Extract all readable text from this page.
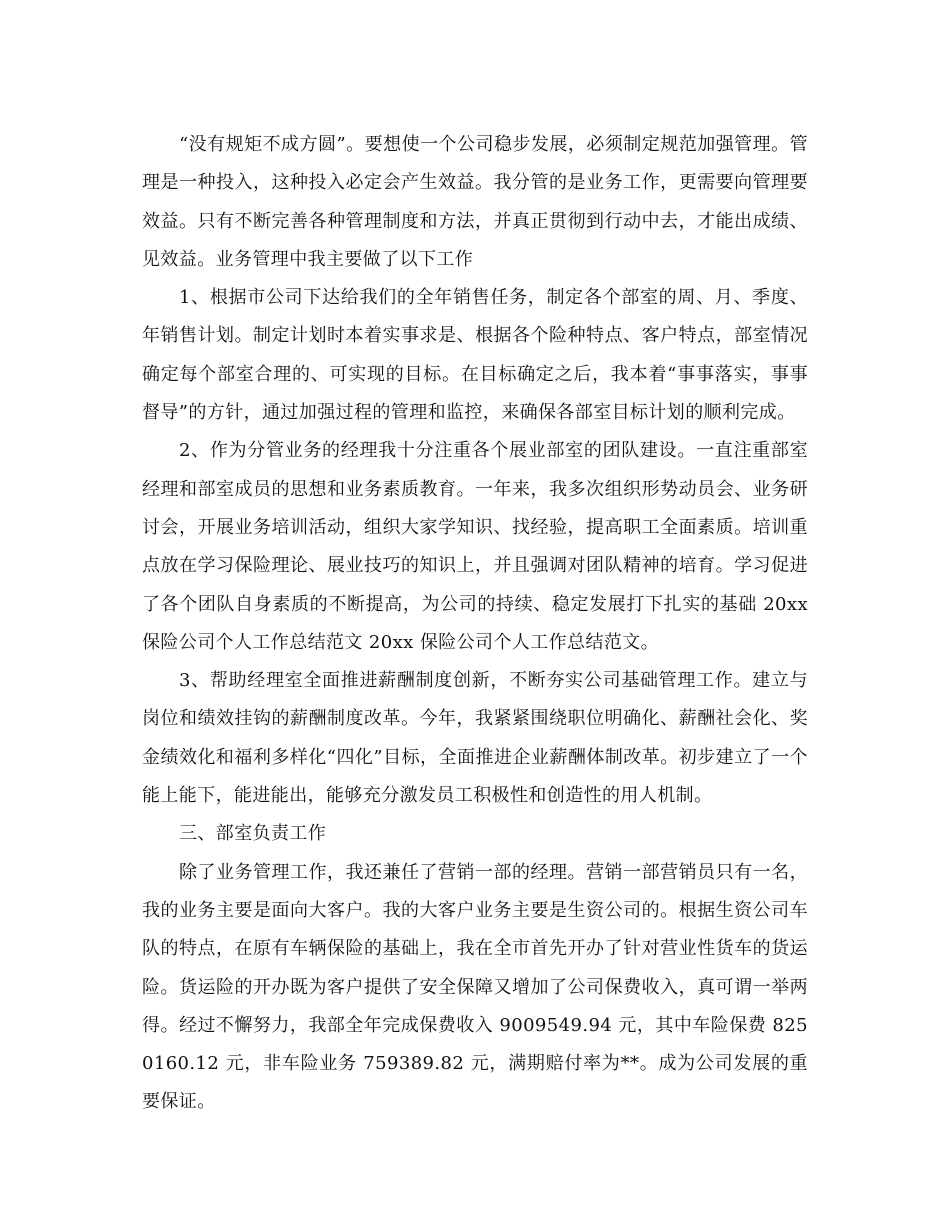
“没有规矩不成方圆”。要想使一个公司稳步发展，必须制定规范加强管理。管理是一种投入，这种投入必定会产生效益。我分管的是业务工作，更需要向管理要效益。只有不断完善各种管理制度和方法，并真正贯彻到行动中去，才能出成绩、见效益。业务管理中我主要做了以下工作

1、根据市公司下达给我们的全年销售任务，制定各个部室的周、月、季度、年销售计划。制定计划时本着实事求是、根据各个险种特点、客户特点，部室情况确定每个部室合理的、可实现的目标。在目标确定之后，我本着“事事落实，事事督导”的方针，通过加强过程的管理和监控，来确保各部室目标计划的顺利完成。

2、作为分管业务的经理我十分注重各个展业部室的团队建设。一直注重部室经理和部室成员的思想和业务素质教育。一年来，我多次组织形势动员会、业务研讨会，开展业务培训活动，组织大家学知识、找经验，提高职工全面素质。培训重点放在学习保险理论、展业技巧的知识上，并且强调对团队精神的培育。学习促进了各个团队自身素质的不断提高，为公司的持续、稳定发展打下扎实的基础 20xx 保险公司个人工作总结范文 20xx 保险公司个人工作总结范文。

3、帮助经理室全面推进薪酬制度创新，不断夯实公司基础管理工作。建立与岗位和绩效挂钩的薪酬制度改革。今年，我紧紧围绕职位明确化、薪酬社会化、奖金绩效化和福利多样化“四化”目标，全面推进企业薪酬体制改革。初步建立了一个能上能下，能进能出，能够充分激发员工积极性和创造性的用人机制。

三、部室负责工作

除了业务管理工作，我还兼任了营销一部的经理。营销一部营销员只有一名，我的业务主要是面向大客户。我的大客户业务主要是生资公司的。根据生资公司车队的特点，在原有车辆保险的基础上，我在全市首先开办了针对营业性货车的货运险。货运险的开办既为客户提供了安全保障又增加了公司保费收入，真可谓一举两得。经过不懈努力，我部全年完成保费收入 9009549.94 元，其中车险保费 8250160.12 元，非车险业务 759389.82 元，满期赔付率为**。成为公司发展的重要保证。
